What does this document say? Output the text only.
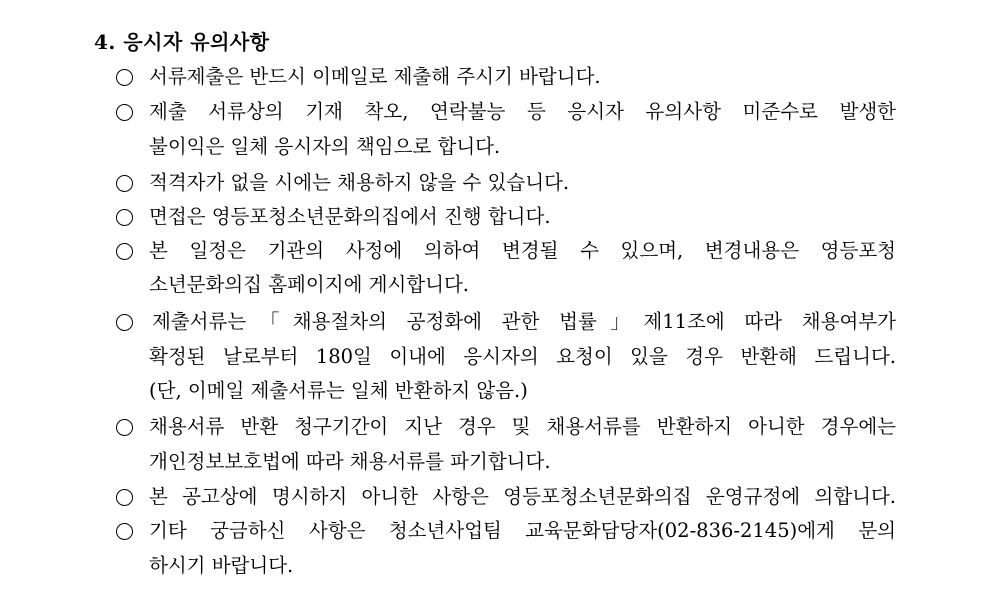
4. 응시자 유의사항
서류제출은 반드시 이메일로 제출해 주시기 바랍니다.
제출 서류상의 기재 착오, 연락불능 등 응시자 유의사항 미준수로 발생한
불이익은 일체 응시자의 책임으로 합니다.
적격자가 없을 시에는 채용하지 않을 수 있습니다.
면접은 영등포청소년문화의집에서 진행 합니다.
본 일정은 기관의 사정에 의하여 변경될 수 있으며, 변경내용은 영등포청
소년문화의집 홈페이지에 게시합니다.
제출서류는「채용절차의 공정화에 관한 법률」제11조에 따라 채용여부가
확정된 날로부터 180일 이내에 응시자의 요청이 있을 경우 반환해 드립니다.
(단, 이메일 제출서류는 일체 반환하지 않음.)
채용서류 반환 청구기간이 지난 경우 및 채용서류를 반환하지 아니한 경우에는
개인정보보호법에 따라 채용서류를 파기합니다.
본 공고상에 명시하지 아니한 사항은 영등포청소년문화의집 운영규정에 의합니다.
기타 궁금하신 사항은 청소년사업팀 교육문화담당자(02-836-2145)에게 문의
하시기 바랍니다.
